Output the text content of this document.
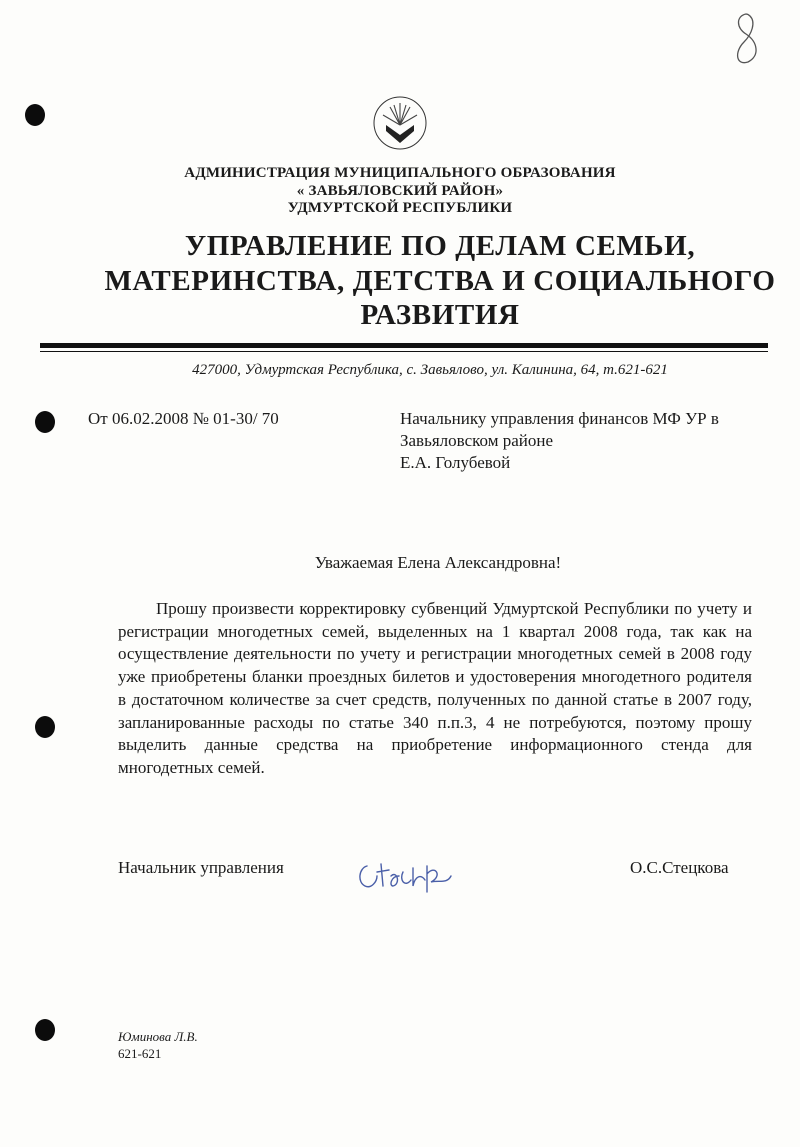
АДМИНИСТРАЦИЯ МУНИЦИПАЛЬНОГО ОБРАЗОВАНИЯ
« ЗАВЬЯЛОВСКИЙ РАЙОН»
УДМУРТСКОЙ РЕСПУБЛИКИ
УПРАВЛЕНИЕ ПО ДЕЛАМ СЕМЬИ,
МАТЕРИНСТВА, ДЕТСТВА И СОЦИАЛЬНОГО
РАЗВИТИЯ
427000, Удмуртская Республика, с. Завьялово, ул. Калинина, 64, т.621-621
От 06.02.2008 № 01-30/ 70	Начальнику управления финансов МФ УР в
Завьяловском районе
Е.А. Голубевой
Уважаемая Елена Александровна!
Прошу произвести корректировку субвенций Удмуртской Республики по учету и регистрации многодетных семей, выделенных на 1 квартал 2008 года, так как на осуществление деятельности по учету и регистрации многодетных семей в 2008 году уже приобретены бланки проездных билетов и удостоверения многодетного родителя в достаточном количестве за счет средств, полученных по данной статье в 2007 году, запланированные расходы по статье 340 п.п.3, 4 не потребуются, поэтому прошу выделить данные средства на приобретение информационного стенда для многодетных семей.
Начальник управления	О.С.Стецкова
Юминова Л.В.
621-621
